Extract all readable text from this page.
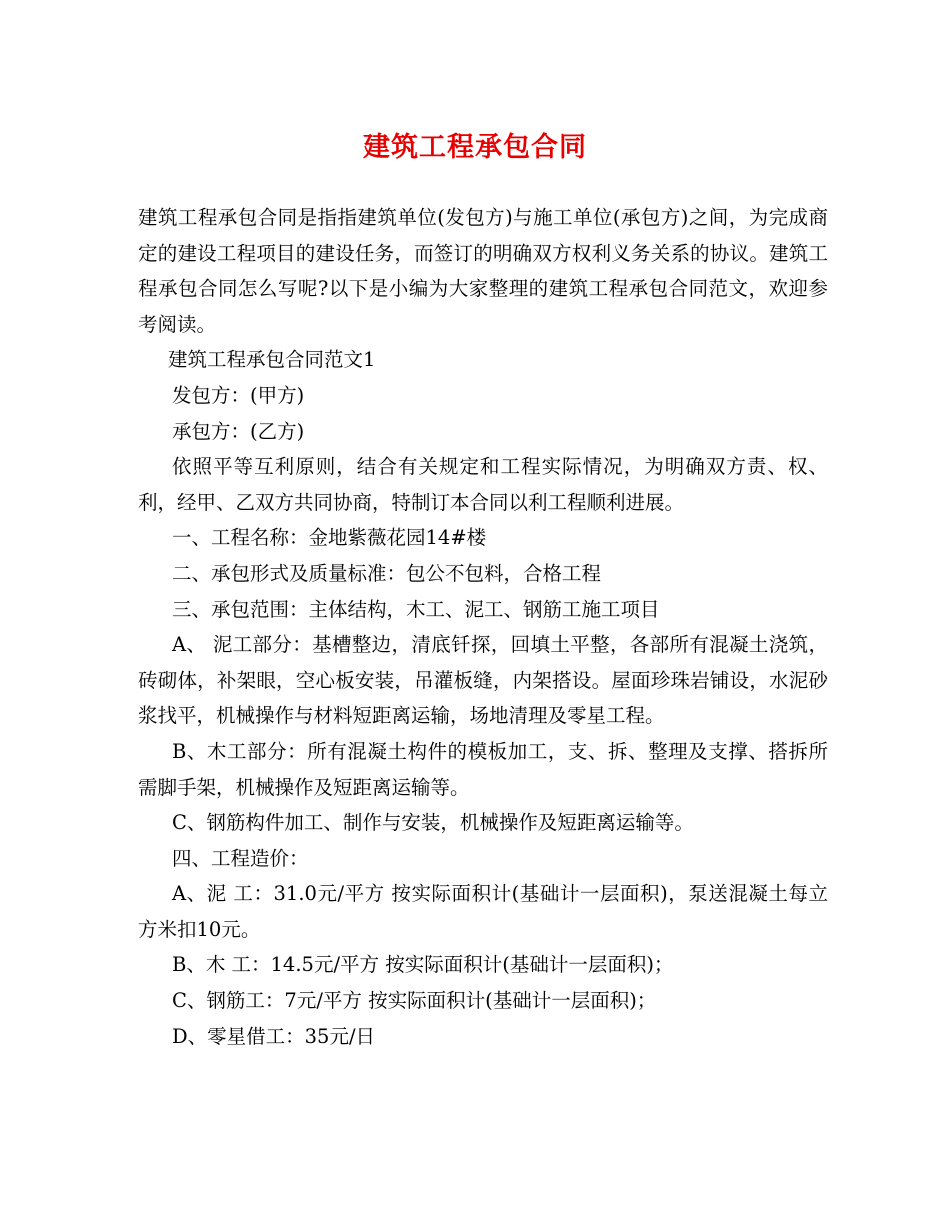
建筑工程承包合同

建筑工程承包合同是指指建筑单位(发包方)与施工单位(承包方)之间，为完成商定的建设工程项目的建设任务，而签订的明确双方权利义务关系的协议。建筑工程承包合同怎么写呢?以下是小编为大家整理的建筑工程承包合同范文，欢迎参考阅读。

建筑工程承包合同范文1

发包方：(甲方)

承包方：(乙方)

依照平等互利原则，结合有关规定和工程实际情况，为明确双方责、权、利，经甲、乙双方共同协商，特制订本合同以利工程顺利进展。

一、工程名称：金地紫薇花园14#楼

二、承包形式及质量标准：包公不包料，合格工程

三、承包范围：主体结构，木工、泥工、钢筋工施工项目

A、 泥工部分：基槽整边，清底钎探，回填土平整，各部所有混凝土浇筑，砖砌体，补架眼，空心板安装，吊灌板缝，内架搭设。屋面珍珠岩铺设，水泥砂浆找平，机械操作与材料短距离运输，场地清理及零星工程。

B、木工部分：所有混凝土构件的模板加工，支、拆、整理及支撑、搭拆所需脚手架，机械操作及短距离运输等。

C、钢筋构件加工、制作与安装，机械操作及短距离运输等。

四、工程造价：

A、泥 工：31.0元/平方 按实际面积计(基础计一层面积)，泵送混凝土每立方米扣10元。

B、木 工：14.5元/平方 按实际面积计(基础计一层面积)；

C、钢筋工：7元/平方 按实际面积计(基础计一层面积)；

D、零星借工：35元/日
